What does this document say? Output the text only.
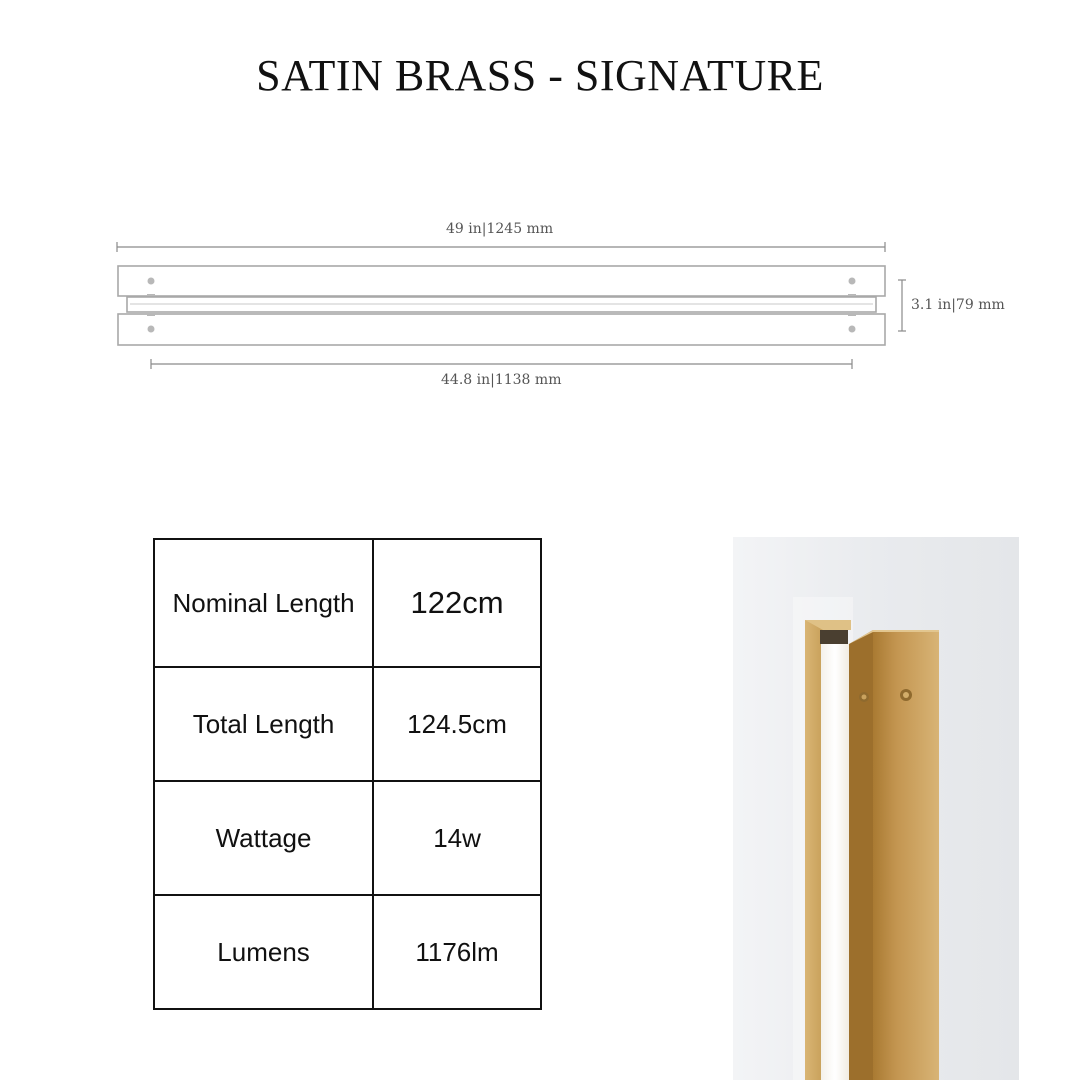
SATIN BRASS - SIGNATURE
49 in|1245 mm
3.1 in|79 mm
44.8 in|1138 mm
Nominal Length	122cm
Total Length	124.5cm
Wattage	14w
Lumens	1176lm
